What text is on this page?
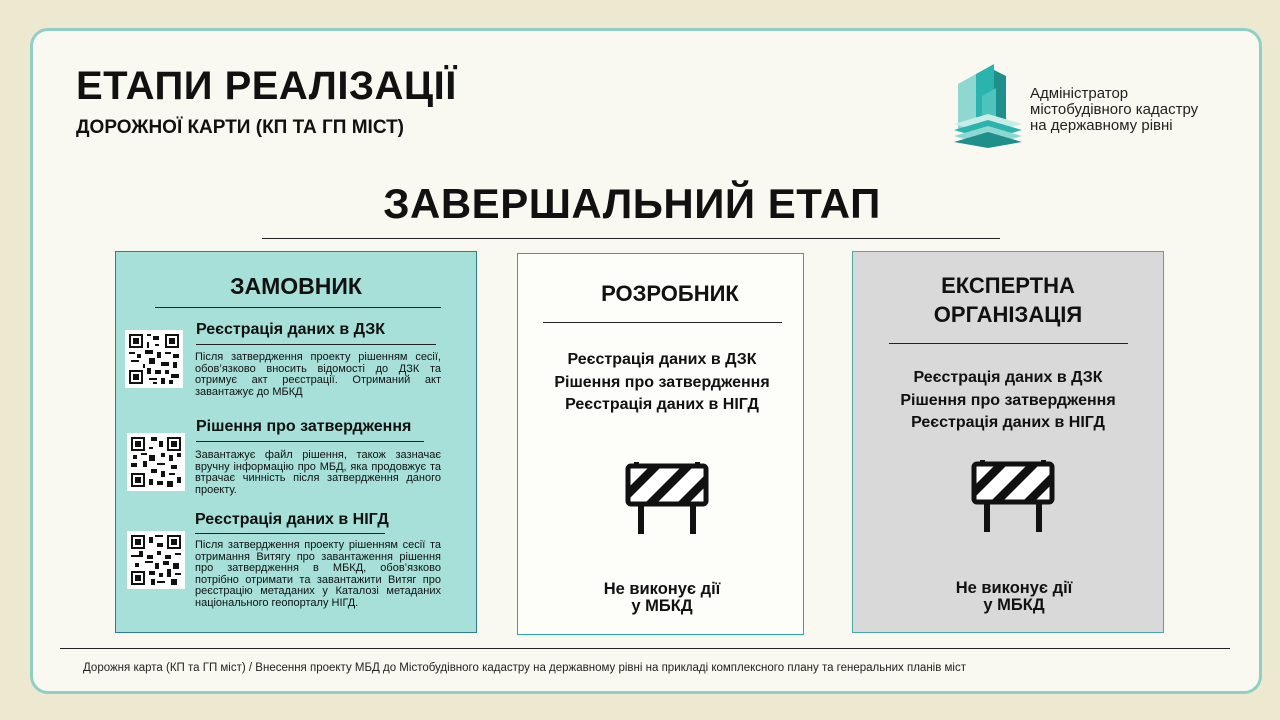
ЕТАПИ РЕАЛІЗАЦІЇ
ДОРОЖНОЇ КАРТИ (КП ТА ГП МІСТ)
Адміністратор
містобудівного кадастру
на державному рівні
ЗАВЕРШАЛЬНИЙ ЕТАП
ЗАМОВНИК
Реєстрація даних в ДЗК
Після затвердження проекту рішенням сесії, обов’язково вносить відомості до ДЗК та отримує акт реєстрації. Отриманий акт завантажує до МБКД
Рішення про затвердження
Завантажує файл рішення, також зазначає вручну інформацію про МБД, яка продовжує та втрачає чинність після затвердження даного проекту.
Реєстрація даних в НІГД
Після затвердження проекту рішенням сесії та отримання Витягу про завантаження рішення про затвердження в МБКД, обов’язково потрібно отримати та завантажити Витяг про реєстрацію метаданих у Каталозі метаданих національного геопорталу НІГД.
РОЗРОБНИК
Реєстрація даних в ДЗК
Рішення про затвердження
Реєстрація даних в НІГД
Не виконує дії
у МБКД
ЕКСПЕРТНА
ОРГАНІЗАЦІЯ
Реєстрація даних в ДЗК
Рішення про затвердження
Реєстрація даних в НІГД
Не виконує дії
у МБКД
Дорожня карта (КП та ГП міст) / Внесення проекту МБД до Містобудівного кадастру на державному рівні на прикладі комплексного плану та генеральних планів міст
